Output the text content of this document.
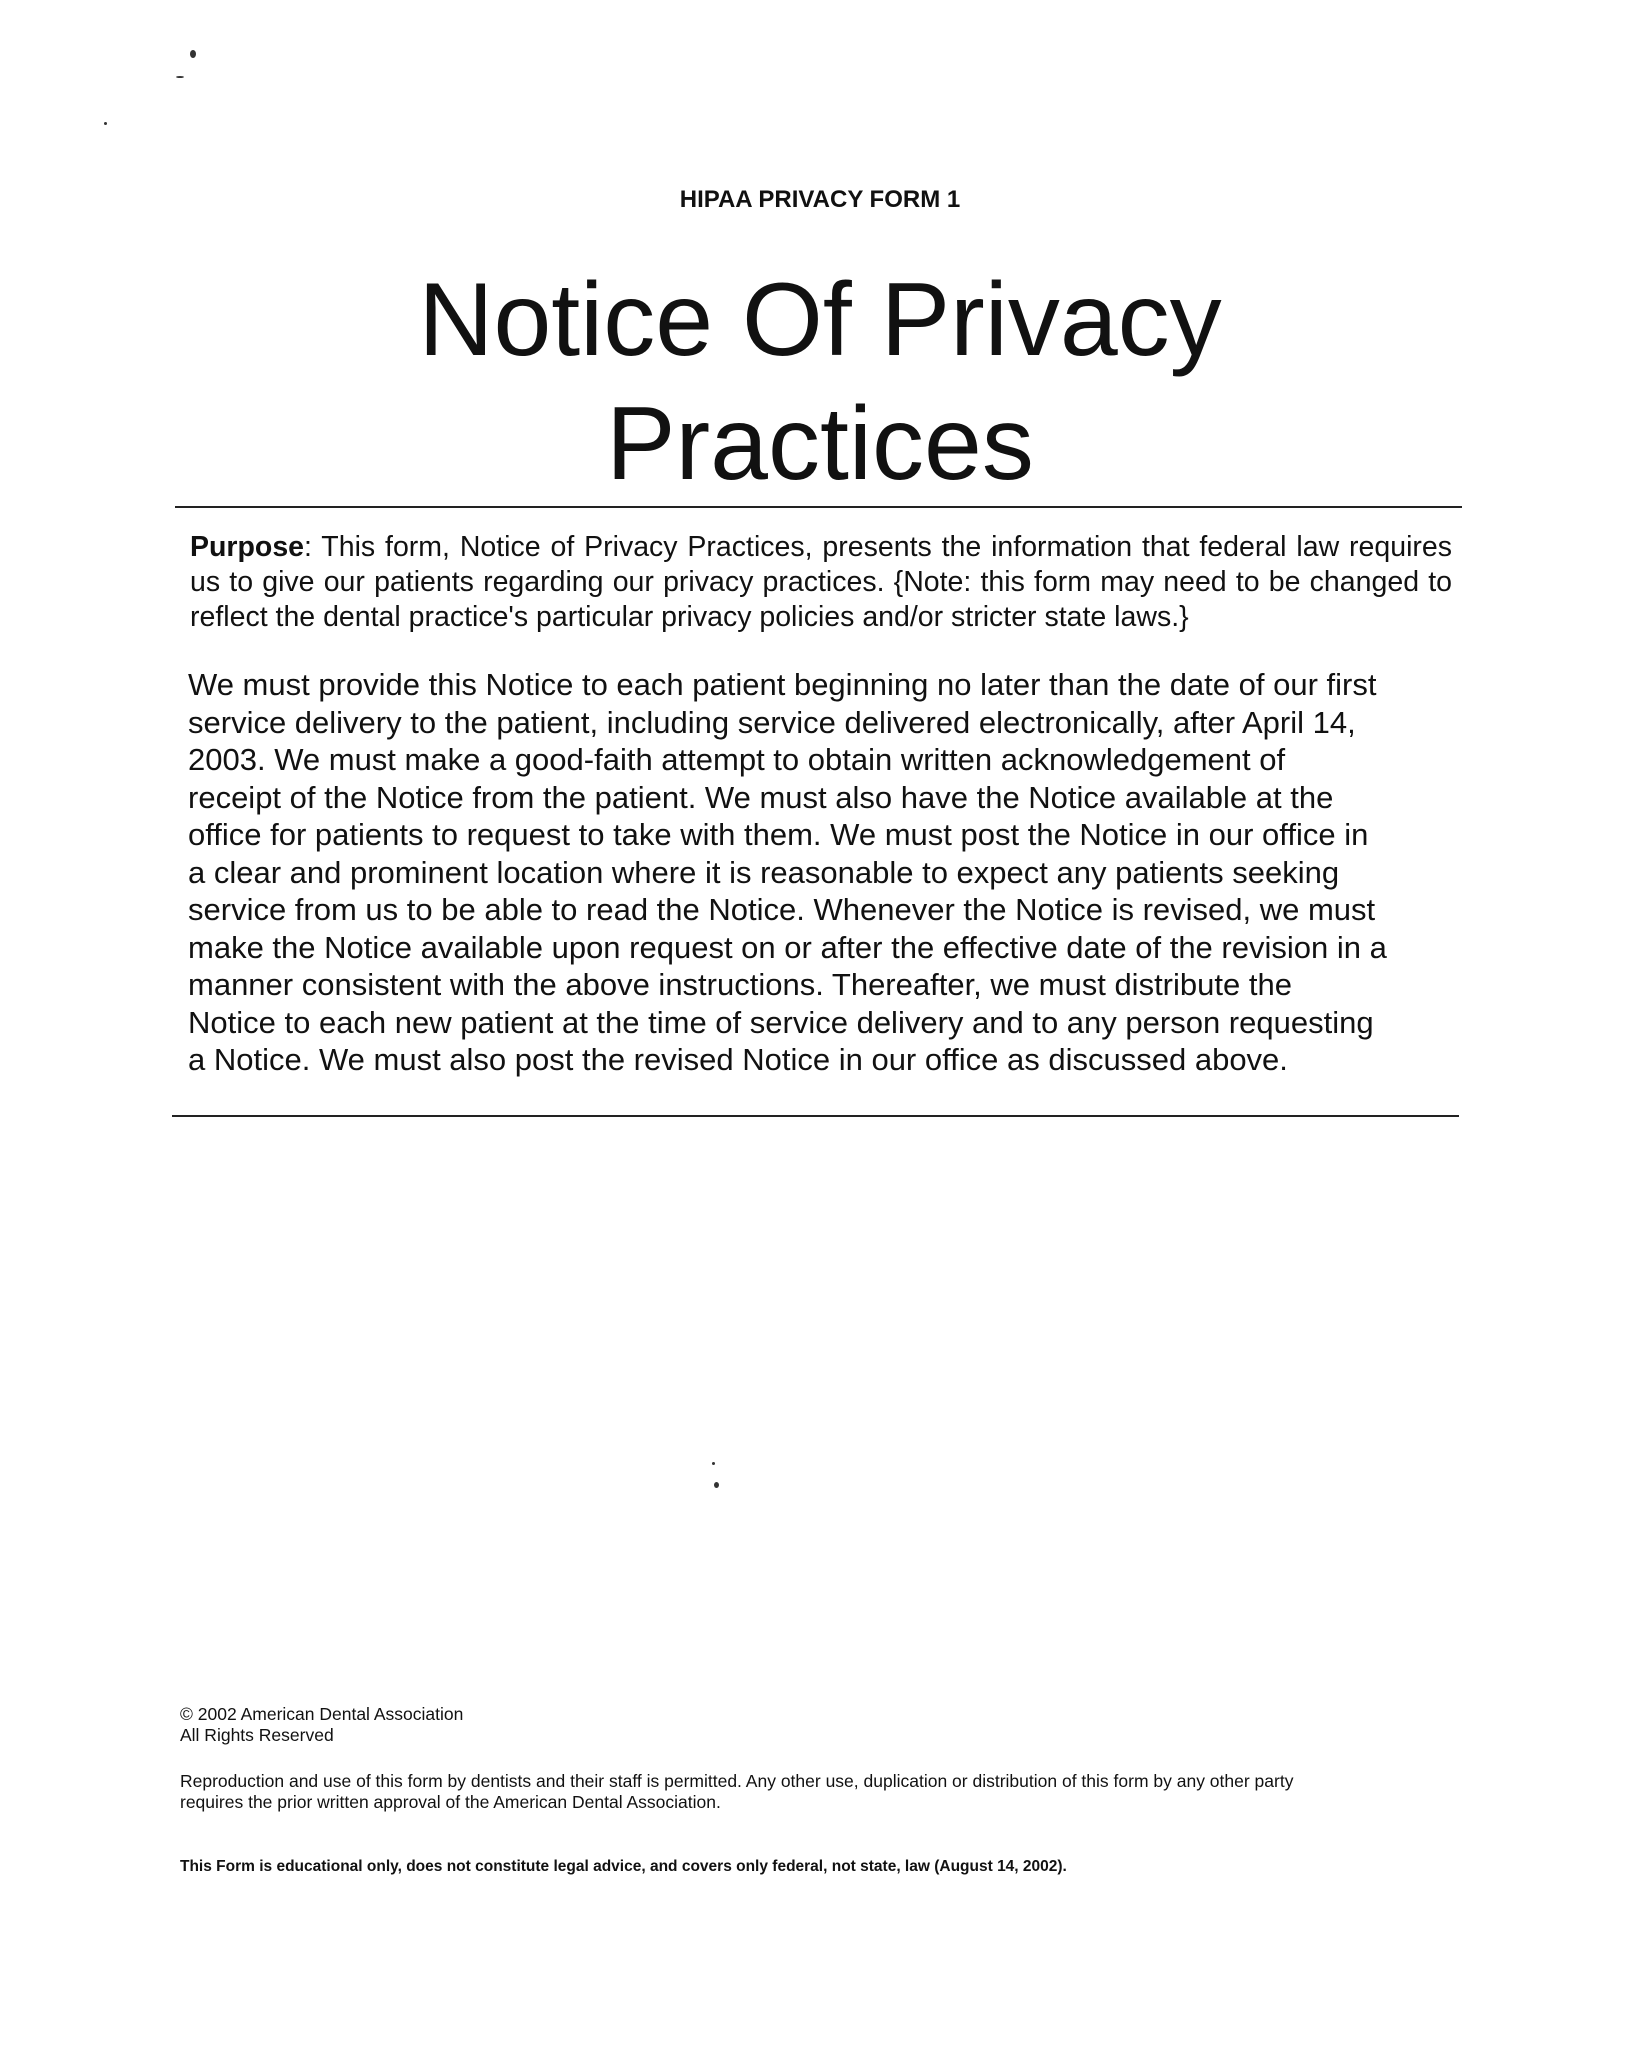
HIPAA PRIVACY FORM 1
Notice Of Privacy
Practices
Purpose: This form, Notice of Privacy Practices, presents the information that federal law requires us to give our patients regarding our privacy practices. {Note: this form may need to be changed to reflect the dental practice's particular privacy policies and/or stricter state laws.}
We must provide this Notice to each patient beginning no later than the date of our first
service delivery to the patient, including service delivered electronically, after April 14,
2003. We must make a good-faith attempt to obtain written acknowledgement of
receipt of the Notice from the patient. We must also have the Notice available at the
office for patients to request to take with them. We must post the Notice in our office in
a clear and prominent location where it is reasonable to expect any patients seeking
service from us to be able to read the Notice. Whenever the Notice is revised, we must
make the Notice available upon request on or after the effective date of the revision in a
manner consistent with the above instructions. Thereafter, we must distribute the
Notice to each new patient at the time of service delivery and to any person requesting
a Notice. We must also post the revised Notice in our office as discussed above.
© 2002 American Dental Association
All Rights Reserved
Reproduction and use of this form by dentists and their staff is permitted. Any other use, duplication or distribution of this form by any other party
requires the prior written approval of the American Dental Association.
This Form is educational only, does not constitute legal advice, and covers only federal, not state, law (August 14, 2002).
